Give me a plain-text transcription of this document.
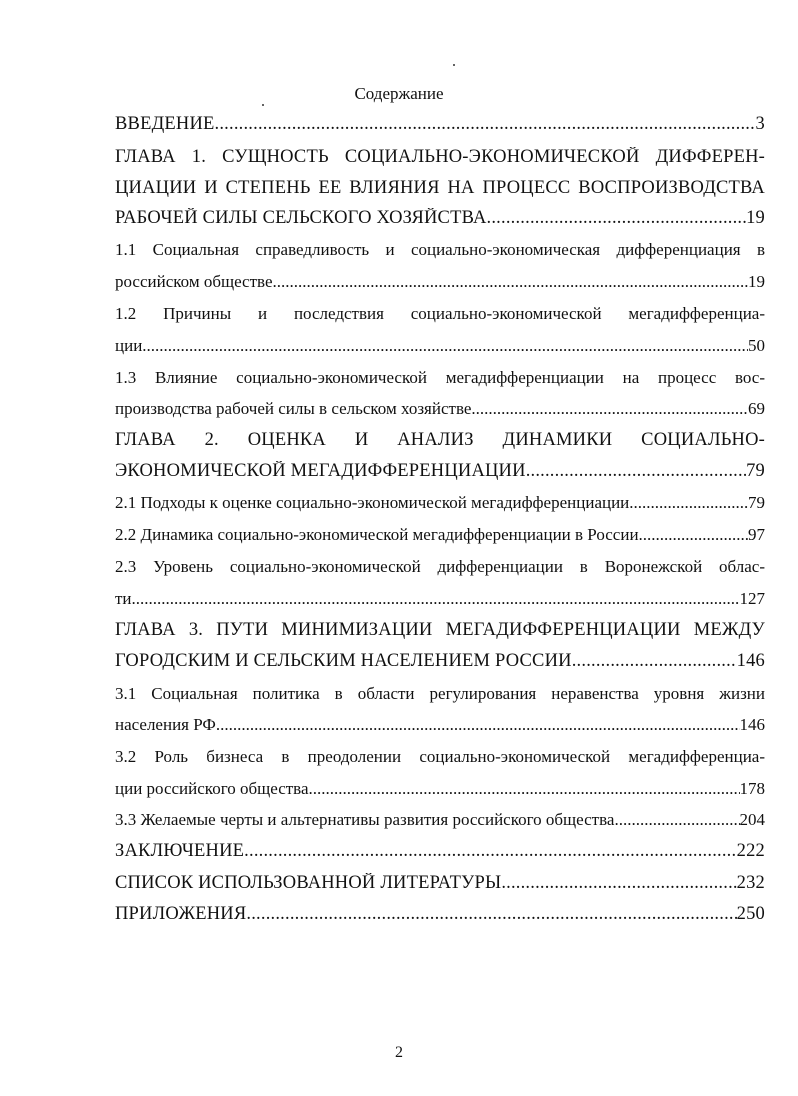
Содержание
ВВЕДЕНИЕ .....	3
ГЛАВА 1. СУЩНОСТЬ СОЦИАЛЬНО-ЭКОНОМИЧЕСКОЙ ДИФФЕРЕН-
ЦИАЦИИ И СТЕПЕНЬ ЕЕ ВЛИЯНИЯ НА ПРОЦЕСС ВОСПРОИЗВОДСТВА
РАБОЧЕЙ СИЛЫ СЕЛЬСКОГО ХОЗЯЙСТВА .....	19
1.1 Социальная справедливость и социально-экономическая дифференциация в
российском обществе .....	19
1.2 Причины и последствия социально-экономической мегадифференциа-
ции .....	50
1.3 Влияние социально-экономической мегадифференциации на процесс вос-
производства рабочей силы в сельском хозяйстве .....	69
ГЛАВА 2. ОЦЕНКА И АНАЛИЗ ДИНАМИКИ СОЦИАЛЬНО-
ЭКОНОМИЧЕСКОЙ МЕГАДИФФЕРЕНЦИАЦИИ .....	79
2.1 Подходы к оценке социально-экономической мегадифференциации .....	79
2.2 Динамика социально-экономической мегадифференциации в России .....	97
2.3 Уровень социально-экономической дифференциации в Воронежской облас-
ти .....	127
ГЛАВА 3. ПУТИ МИНИМИЗАЦИИ МЕГАДИФФЕРЕНЦИАЦИИ МЕЖДУ
ГОРОДСКИМ И СЕЛЬСКИМ НАСЕЛЕНИЕМ РОССИИ .....	146
3.1 Социальная политика в области регулирования неравенства уровня жизни
населения РФ .....	146
3.2 Роль бизнеса в преодолении социально-экономической мегадифференциа-
ции российского общества .....	178
3.3 Желаемые черты и альтернативы развития российского общества .....	204
ЗАКЛЮЧЕНИЕ .....	222
СПИСОК ИСПОЛЬЗОВАННОЙ ЛИТЕРАТУРЫ .....	232
ПРИЛОЖЕНИЯ .....	250
2
